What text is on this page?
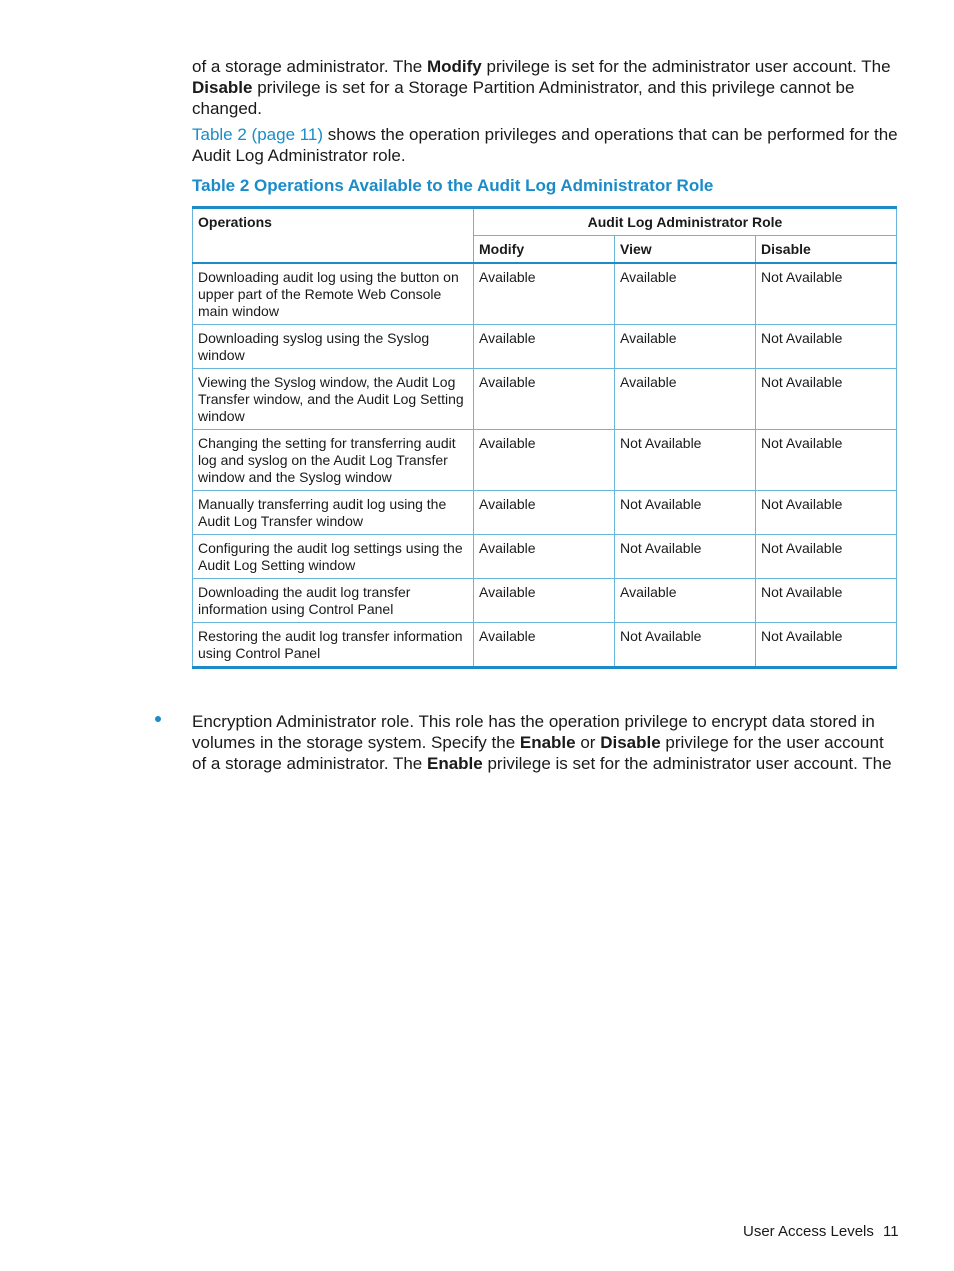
of a storage administrator. The Modify privilege is set for the administrator user account. The Disable privilege is set for a Storage Partition Administrator, and this privilege cannot be changed.

Table 2 (page 11) shows the operation privileges and operations that can be performed for the Audit Log Administrator role.

Table 2 Operations Available to the Audit Log Administrator Role

Operations	Audit Log Administrator Role		
	Modify	View	Disable
Downloading audit log using the button on upper part of the Remote Web Console main window	Available	Available	Not Available
Downloading syslog using the Syslog window	Available	Available	Not Available
Viewing the Syslog window, the Audit Log Transfer window, and the Audit Log Setting window	Available	Available	Not Available
Changing the setting for transferring audit log and syslog on the Audit Log Transfer window and the Syslog window	Available	Not Available	Not Available
Manually transferring audit log using the Audit Log Transfer window	Available	Not Available	Not Available
Configuring the audit log settings using the Audit Log Setting window	Available	Not Available	Not Available
Downloading the audit log transfer information using Control Panel	Available	Available	Not Available
Restoring the audit log transfer information using Control Panel	Available	Not Available	Not Available

Encryption Administrator role. This role has the operation privilege to encrypt data stored in volumes in the storage system. Specify the Enable or Disable privilege for the user account of a storage administrator. The Enable privilege is set for the administrator user account. The

User Access Levels 11
